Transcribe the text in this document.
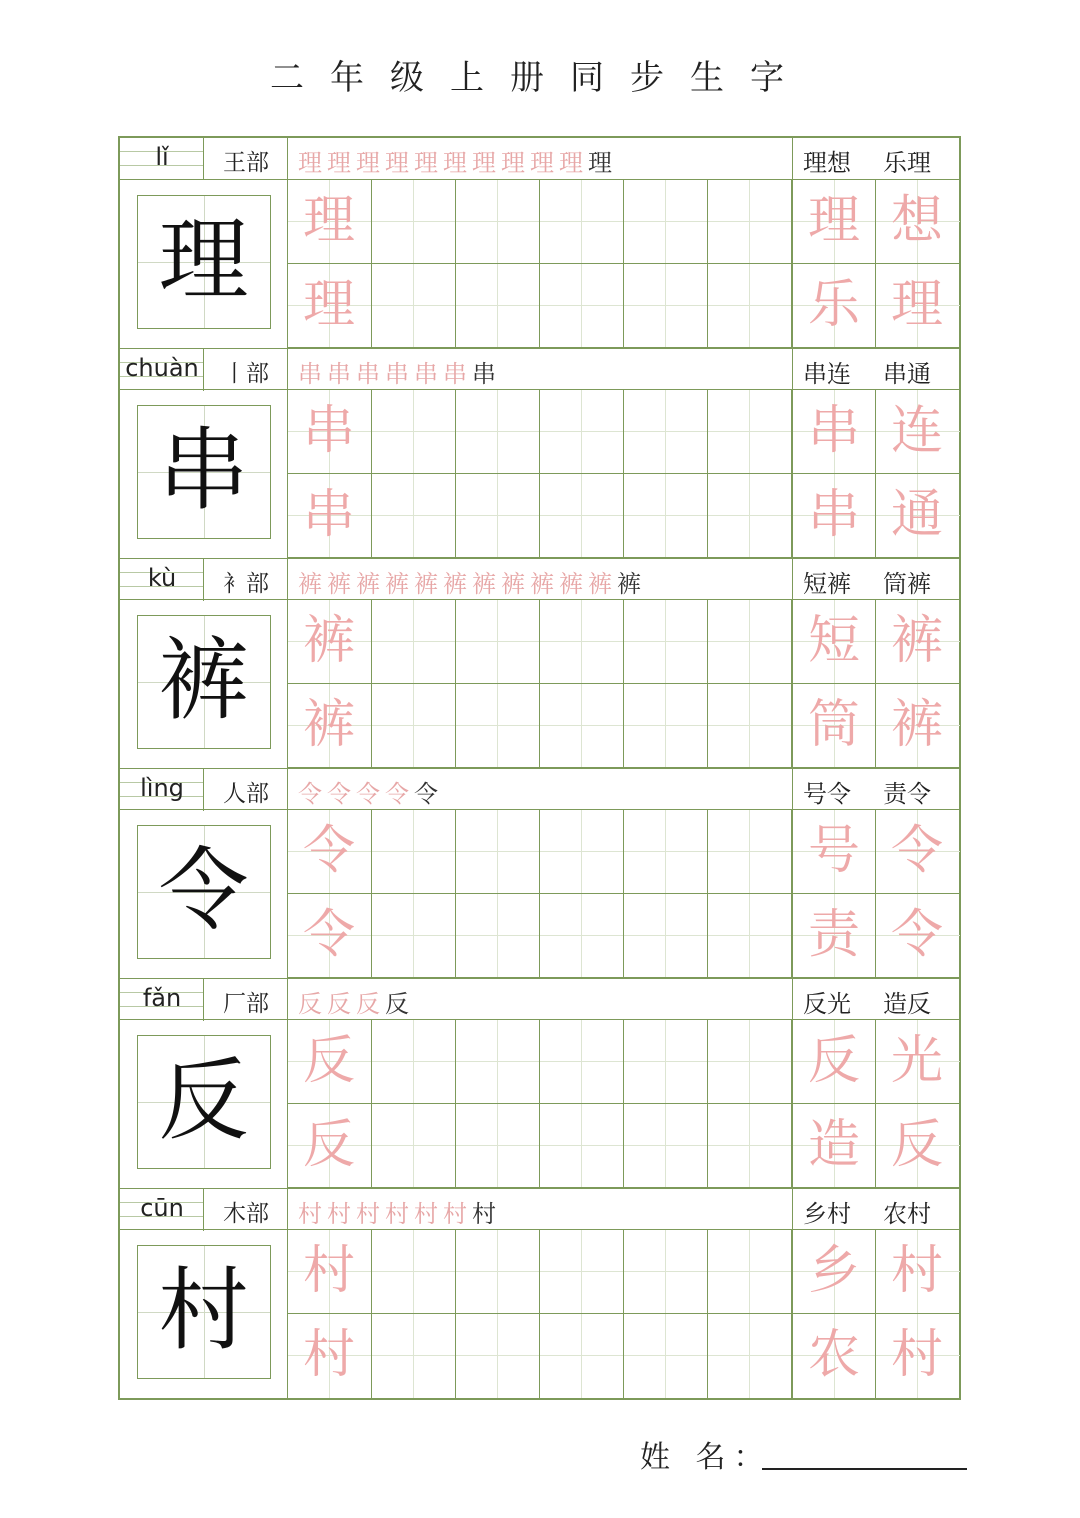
二年级上册同步生字
lǐ	王部	理理理理理理理理理理理	理想 乐理
理	理	理 想
理	乐 理
chuàn	丨部	串串串串串串串	串连 串通
串	串	串 连
串	串 通
kù	衤部	裤裤裤裤裤裤裤裤裤裤裤裤	短裤 筒裤
裤	裤	短 裤
裤	筒 裤
lìng	人部	令令令令令	号令 责令
令	令	号 令
令	责 令
fǎn	厂部	反反反反	反光 造反
反	反	反 光
反	造 反
cūn	木部	村村村村村村村	乡村 农村
村	村	乡 村
村	农 村
姓 名：
